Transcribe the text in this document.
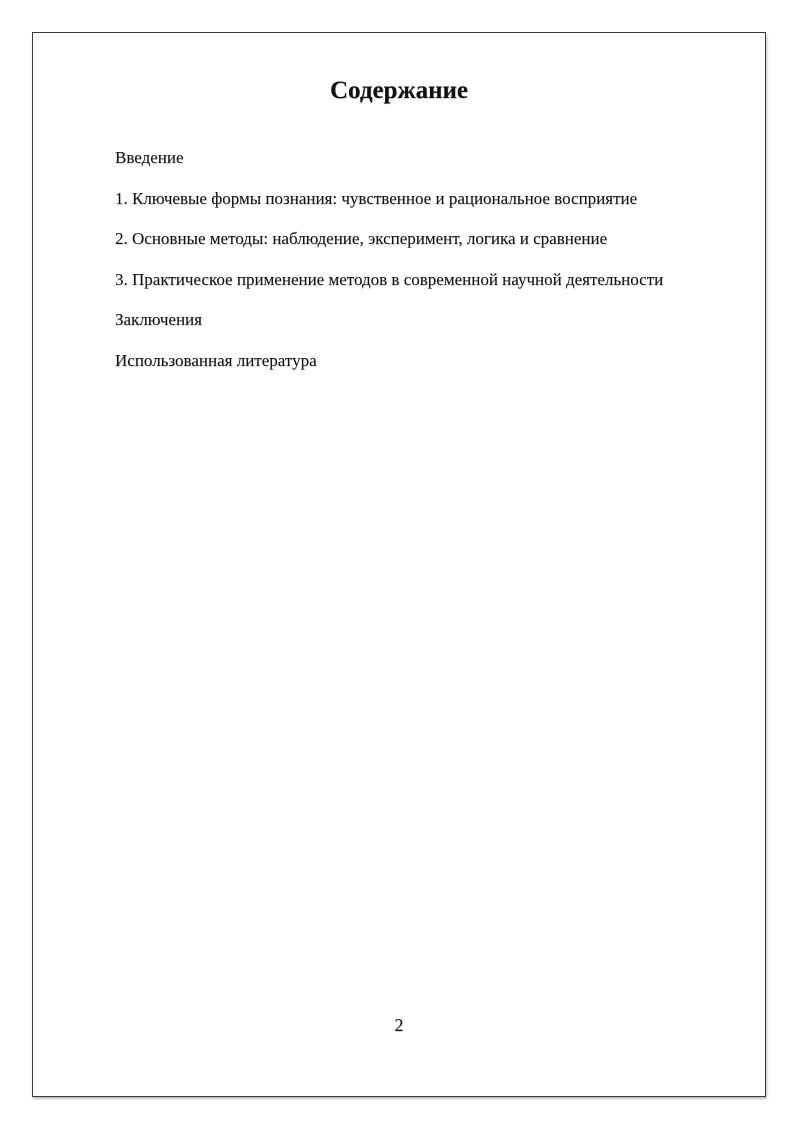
Содержание
Введение
1. Ключевые формы познания: чувственное и рациональное восприятие
2. Основные методы: наблюдение, эксперимент, логика и сравнение
3. Практическое применение методов в современной научной деятельности
Заключения
Использованная литература
2
